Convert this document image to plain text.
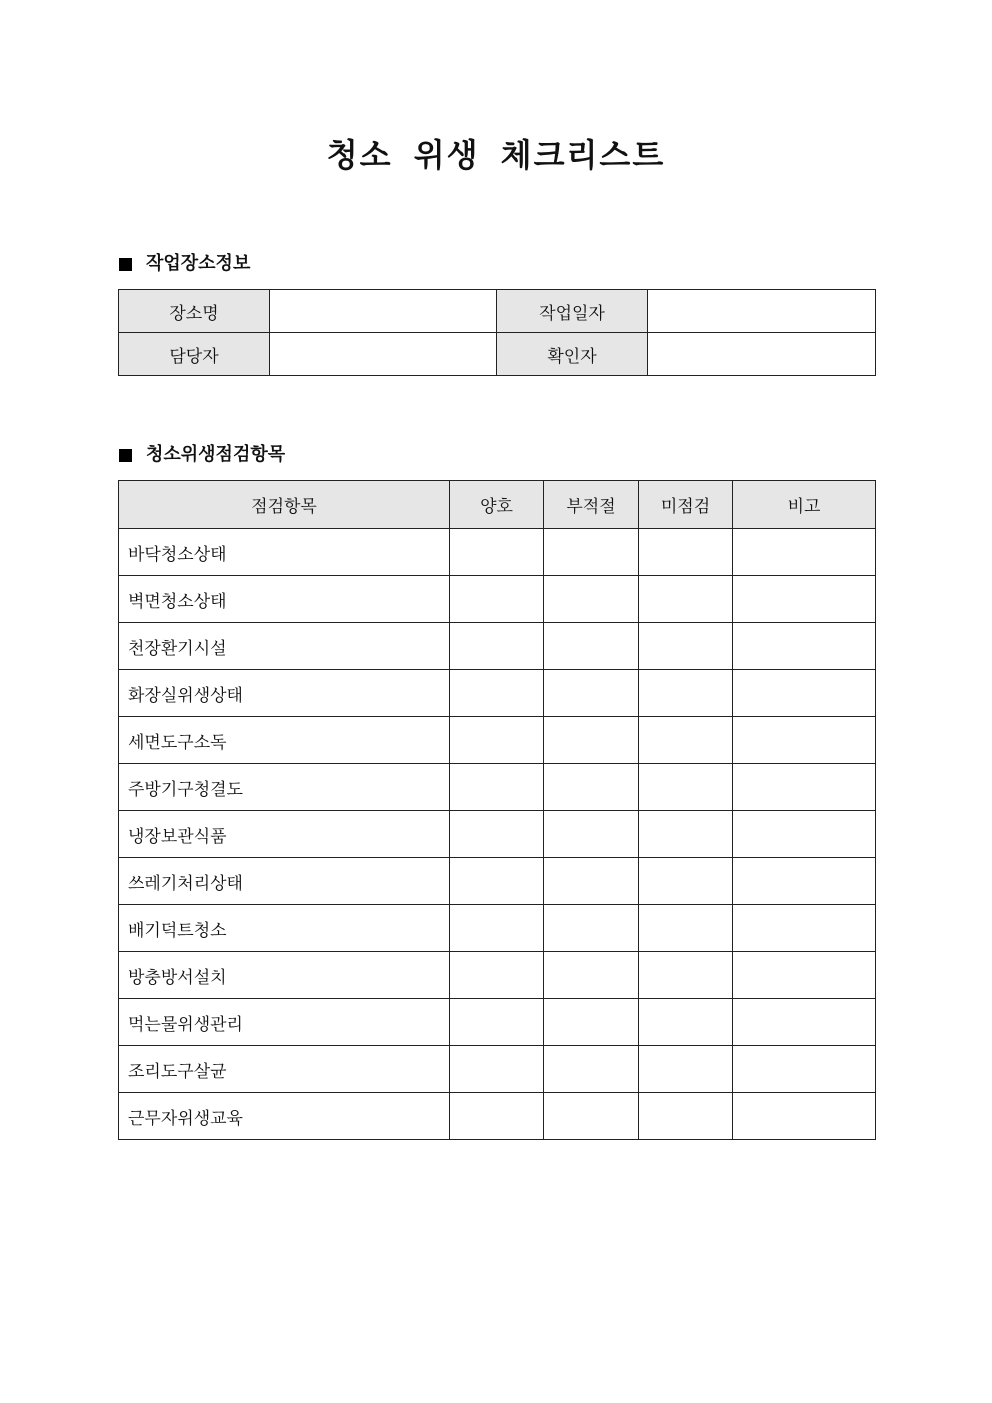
청소 위생 체크리스트
작업장소정보
장소명		작업일자	
담당자		확인자	
청소위생점검항목
점검항목	양호	부적절	미점검	비고
바닥청소상태				
벽면청소상태				
천장환기시설				
화장실위생상태				
세면도구소독				
주방기구청결도				
냉장보관식품				
쓰레기처리상태				
배기덕트청소				
방충방서설치				
먹는물위생관리				
조리도구살균				
근무자위생교육				
